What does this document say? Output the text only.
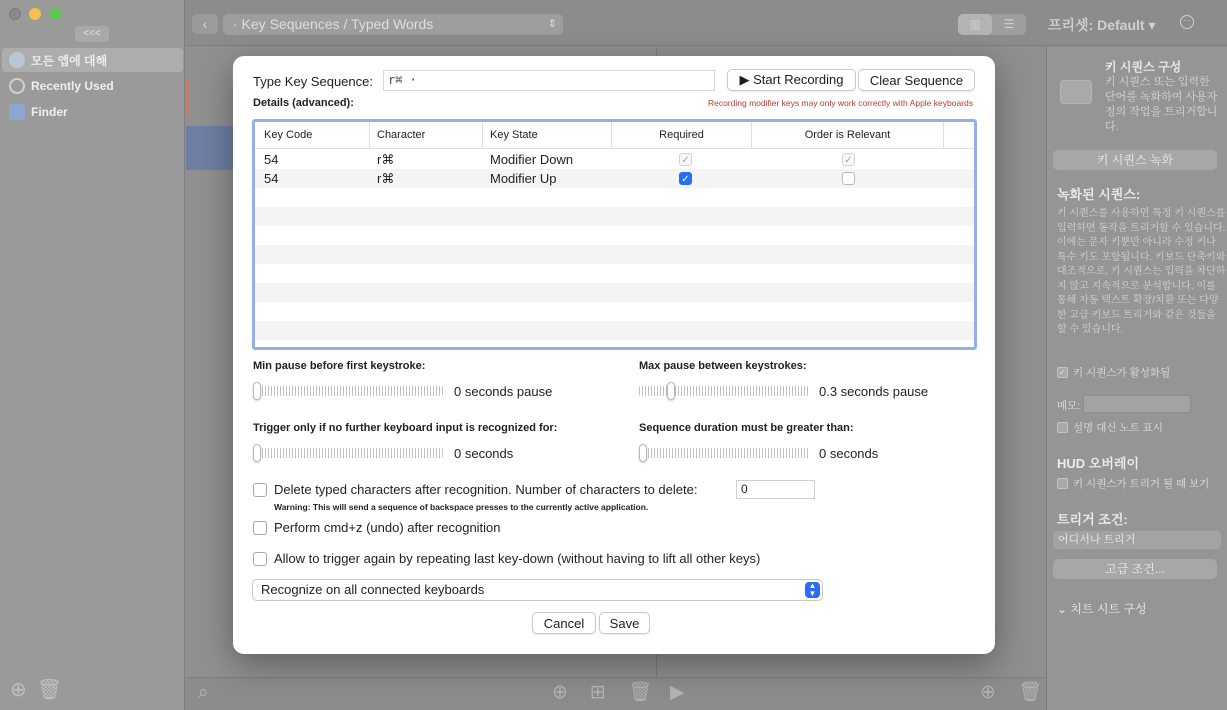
<<<
모든 앱에 대해
Recently Used
Finder
⊕ 🗑
‹	· Key Sequences / Typed Words	⇕	▥	☰	프리셋: Default ▾	···
⌕	⊕ ⊞ 🗑 ▶	⊕ 🗑
키 시퀀스 구성
키 시퀀스 또는 입력한 단어를 녹화하여 사용자 정의 작업을 트리거합니다.
키 시퀀스 녹화
녹화된 시퀀스:
키 시퀀스를 사용하면 특정 키 시퀀스를 입력하면 동작을 트리거할 수 있습니다. 이에는 문자 키뿐만 아니라 수정 키나 특수 키도 포함됩니다. 키보드 단축키와 대조적으로, 키 시퀀스는 입력을 차단하지 않고 지속적으로 분석합니다. 이를 통해 자동 텍스트 확장/치환 또는 다양한 고급 키보드 트리거와 같은 것들을 할 수 있습니다.
✓ 키 시퀀스가 활성화됨
메모:
설명 대신 노트 표시
HUD 오버레이
키 시퀀스가 트리거 될 때 보기
트리거 조건:
어디서나 트리거
고급 조건...
⌄ 치트 시트 구성
Type Key Sequence:	r⌘ ·	▶ Start Recording	Clear Sequence
Details (advanced):	Recording modifier keys may only work correctly with Apple keyboards
Key Code	Character	Key State	Required	Order is Relevant
54	r⌘	Modifier Down	✓	✓
54	r⌘	Modifier Up	✓
Min pause before first keystroke:
0 seconds pause
Max pause between keystrokes:
0.3 seconds pause
Trigger only if no further keyboard input is recognized for:
0 seconds
Sequence duration must be greater than:
0 seconds
Delete typed characters after recognition. Number of characters to delete:	0
Warning: This will send a sequence of backspace presses to the currently active application.
Perform cmd+z (undo) after recognition
Allow to trigger again by repeating last key-down (without having to lift all other keys)
Recognize on all connected keyboards	▲
▼
Cancel	Save
